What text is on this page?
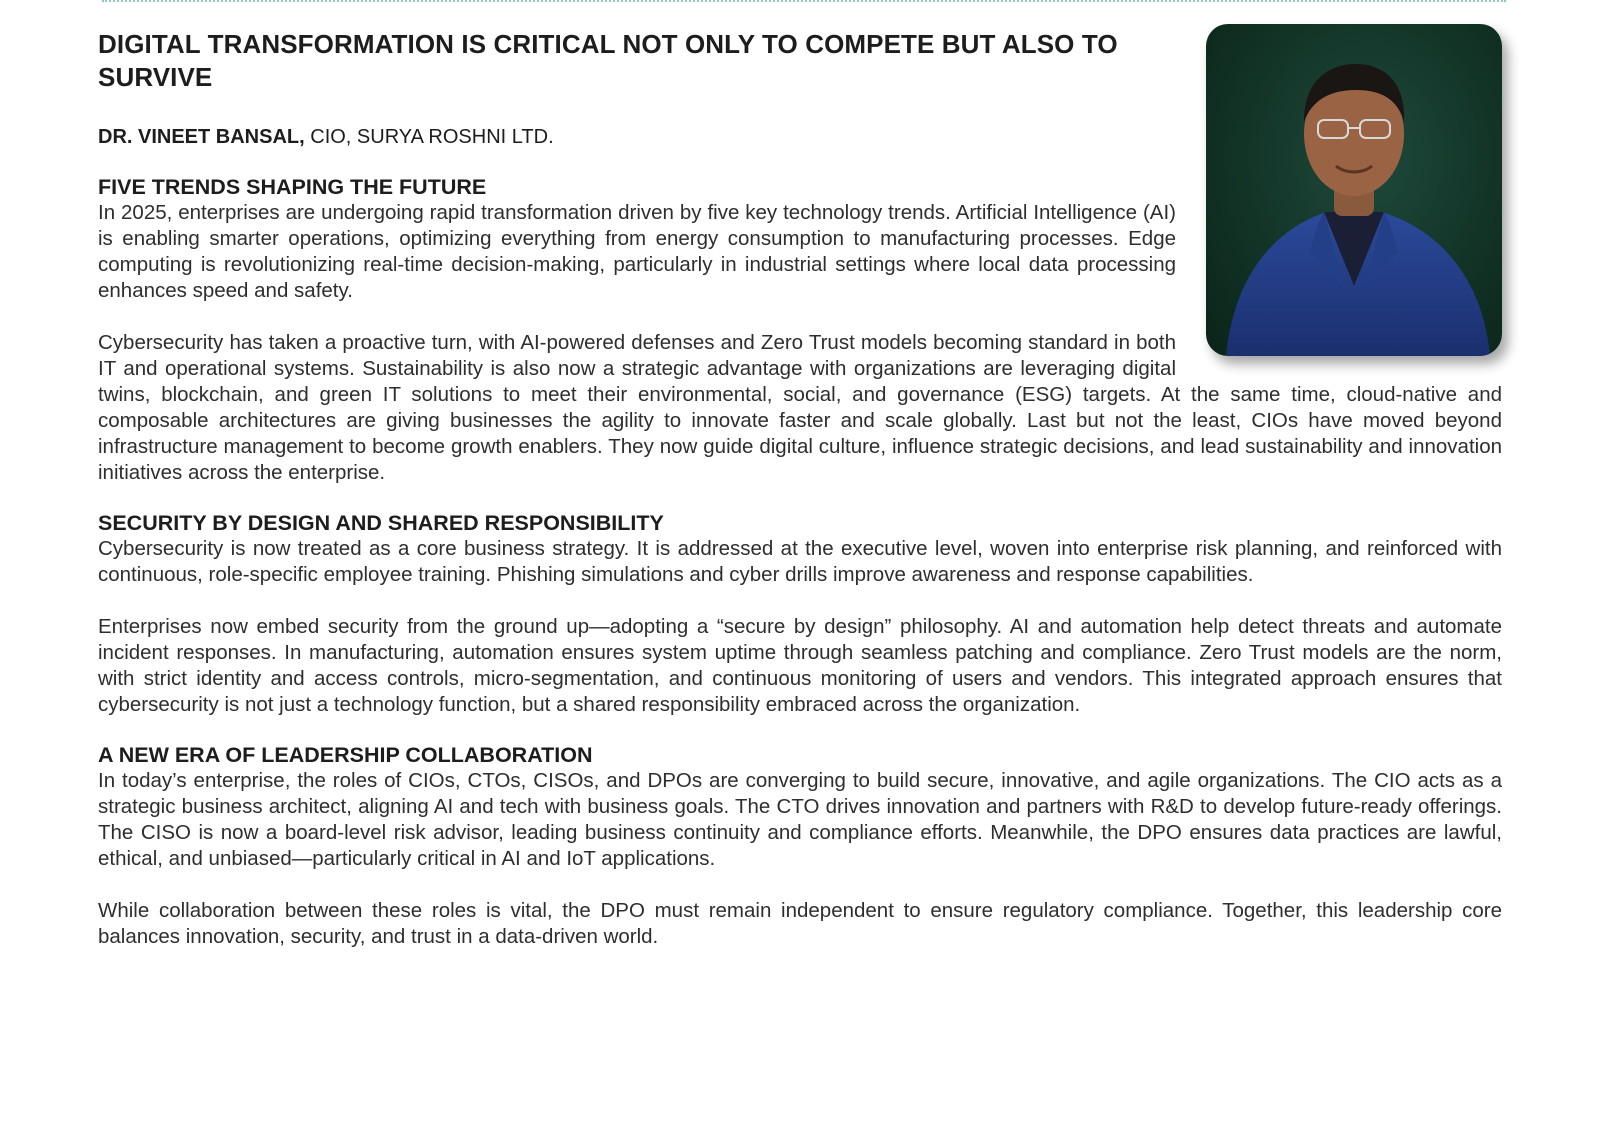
DIGITAL TRANSFORMATION IS CRITICAL NOT ONLY TO COMPETE BUT ALSO TO SURVIVE

DR. VINEET BANSAL, CIO, SURYA ROSHNI LTD.

FIVE TRENDS SHAPING THE FUTURE

In 2025, enterprises are undergoing rapid transformation driven by five key technology trends. Artificial Intelligence (AI) is enabling smarter operations, optimizing everything from energy consumption to manufacturing processes. Edge computing is revolutionizing real-time decision-making, particularly in industrial settings where local data processing enhances speed and safety.

Cybersecurity has taken a proactive turn, with AI-powered defenses and Zero Trust models becoming standard in both IT and operational systems. Sustainability is also now a strategic advantage with organizations are leveraging digital twins, blockchain, and green IT solutions to meet their environmental, social, and governance (ESG) targets. At the same time, cloud-native and composable architectures are giving businesses the agility to innovate faster and scale globally. Last but not the least, CIOs have moved beyond infrastructure management to become growth enablers. They now guide digital culture, influence strategic decisions, and lead sustainability and innovation initiatives across the enterprise.

SECURITY BY DESIGN AND SHARED RESPONSIBILITY

Cybersecurity is now treated as a core business strategy. It is addressed at the executive level, woven into enterprise risk planning, and reinforced with continuous, role-specific employee training. Phishing simulations and cyber drills improve awareness and response capabilities.

Enterprises now embed security from the ground up—adopting a “secure by design” philosophy. AI and automation help detect threats and automate incident responses. In manufacturing, automation ensures system uptime through seamless patching and compliance. Zero Trust models are the norm, with strict identity and access controls, micro-segmentation, and continuous monitoring of users and vendors. This integrated approach ensures that cybersecurity is not just a technology function, but a shared responsibility embraced across the organization.

A NEW ERA OF LEADERSHIP COLLABORATION

In today’s enterprise, the roles of CIOs, CTOs, CISOs, and DPOs are converging to build secure, innovative, and agile organizations. The CIO acts as a strategic business architect, aligning AI and tech with business goals. The CTO drives innovation and partners with R&D to develop future-ready offerings. The CISO is now a board-level risk advisor, leading business continuity and compliance efforts. Meanwhile, the DPO ensures data practices are lawful, ethical, and unbiased—particularly critical in AI and IoT applications.

While collaboration between these roles is vital, the DPO must remain independent to ensure regulatory compliance. Together, this leadership core balances innovation, security, and trust in a data-driven world.
